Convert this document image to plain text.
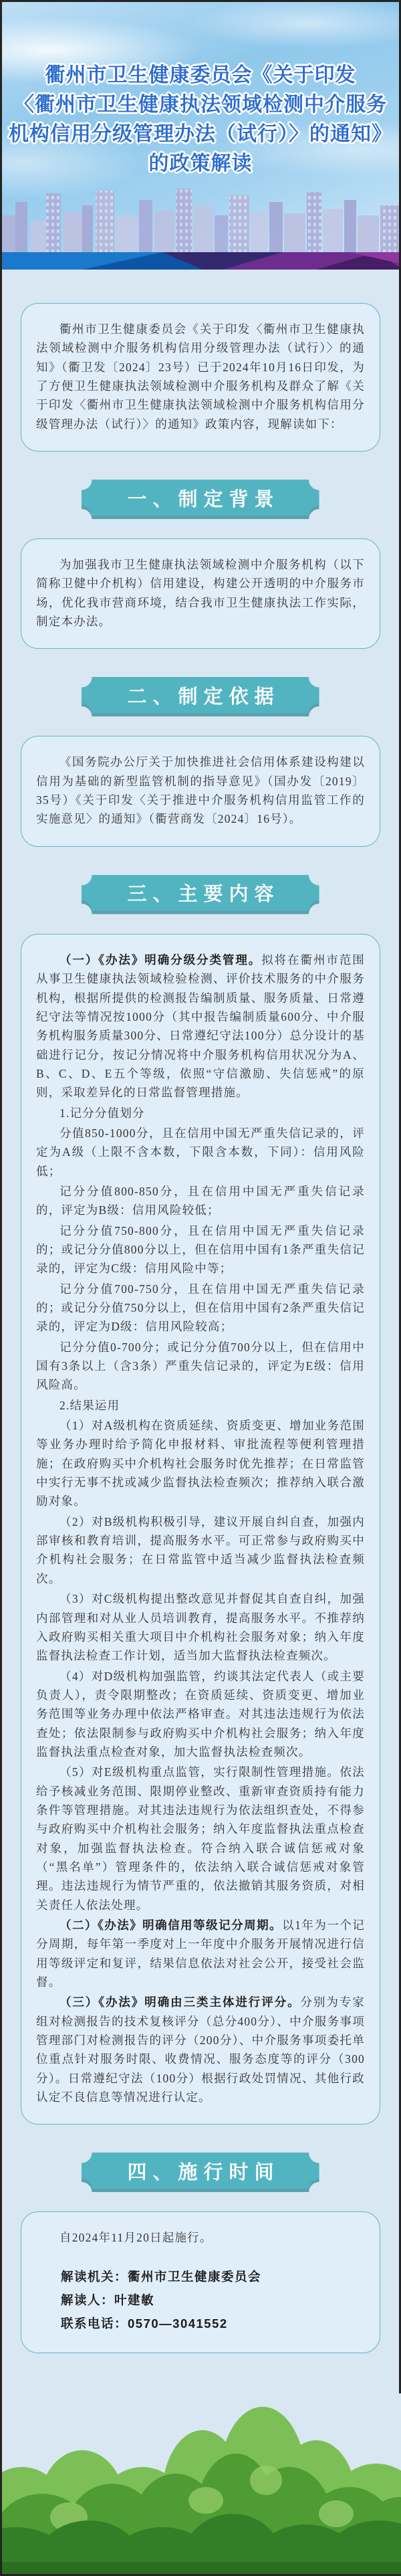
衢州市卫生健康委员会《关于印发
〈衢州市卫生健康执法领域检测中介服务
机构信用分级管理办法（试行）〉的通知》
的政策解读

衢州市卫生健康委员会《关于印发〈衢州市卫生健康执法领域检测中介服务机构信用分级管理办法（试行）〉的通知》（衢卫发〔2024〕23号）已于2024年10月16日印发，为了方便卫生健康执法领域检测中介服务机构及群众了解《关于印发〈衢州市卫生健康执法领域检测中介服务机构信用分级管理办法（试行）〉的通知》政策内容，现解读如下：

一、制定背景

为加强我市卫生健康执法领域检测中介服务机构（以下简称卫健中介机构）信用建设，构建公开透明的中介服务市场，优化我市营商环境，结合我市卫生健康执法工作实际，制定本办法。

二、制定依据

《国务院办公厅关于加快推进社会信用体系建设构建以信用为基础的新型监管机制的指导意见》（国办发〔2019〕35号）《关于印发〈关于推进中介服务机构信用监管工作的实施意见〉的通知》（衢营商发〔2024〕16号）。

三、主要内容

（一）《办法》明确分级分类管理。拟将在衢州市范围从事卫生健康执法领域检验检测、评价技术服务的中介服务机构，根据所提供的检测报告编制质量、服务质量、日常遵纪守法等情况按1000分（其中报告编制质量600分、中介服务机构服务质量300分、日常遵纪守法100分）总分设计的基础进行记分，按记分情况将中介服务机构信用状况分为A、B、C、D、E五个等级，依照“守信激励、失信惩戒”的原则，采取差异化的日常监督管理措施。

1.记分分值划分

分值850-1000分，且在信用中国无严重失信记录的，评定为A级（上限不含本数，下限含本数，下同）：信用风险低；

记分分值800-850分，且在信用中国无严重失信记录的，评定为B级：信用风险较低；

记分分值750-800分，且在信用中国无严重失信记录的；或记分分值800分以上，但在信用中国有1条严重失信记录的，评定为C级：信用风险中等；

记分分值700-750分，且在信用中国无严重失信记录的；或记分分值750分以上，但在信用中国有2条严重失信记录的，评定为D级：信用风险较高；

记分分值0-700分；或记分分值700分以上，但在信用中国有3条以上（含3条）严重失信记录的，评定为E级：信用风险高。

2.结果运用

（1）对A级机构在资质延续、资质变更、增加业务范围等业务办理时给予简化申报材料、审批流程等便利管理措施；在政府购买中介机构社会服务时优先推荐；在日常监管中实行无事不扰或减少监督执法检查频次；推荐纳入联合激励对象。

（2）对B级机构积极引导，建议开展自纠自查，加强内部审核和教育培训，提高服务水平。可正常参与政府购买中介机构社会服务；在日常监管中适当减少监督执法检查频次。

（3）对C级机构提出整改意见并督促其自查自纠，加强内部管理和对从业人员培训教育，提高服务水平。不推荐纳入政府购买相关重大项目中介机构社会服务对象；纳入年度监督执法检查工作计划，适当加大监督执法检查频次。

（4）对D级机构加强监管，约谈其法定代表人（或主要负责人），责令限期整改；在资质延续、资质变更、增加业务范围等业务办理中依法严格审查。对其违法违规行为依法查处；依法限制参与政府购买中介机构社会服务；纳入年度监督执法重点检查对象，加大监督执法检查频次。

（5）对E级机构重点监管，实行限制性管理措施。依法给予核减业务范围、限期停业整改、重新审查资质持有能力条件等管理措施。对其违法违规行为依法组织查处，不得参与政府购买中介机构社会服务；纳入年度监督执法重点检查对象，加强监督执法检查。符合纳入联合诚信惩戒对象（“黑名单”）管理条件的，依法纳入联合诚信惩戒对象管理。违法违规行为情节严重的，依法撤销其服务资质，对相关责任人依法处理。

（二）《办法》明确信用等级记分周期。以1年为一个记分周期，每年第一季度对上一年度中介服务开展情况进行信用等级评定和复评，结果信息依法对社会公开，接受社会监督。

（三）《办法》明确由三类主体进行评分。分别为专家组对检测报告的技术复核评分（总分400分）、中介服务事项管理部门对检测报告的评分（200分）、中介服务事项委托单位重点针对服务时限、收费情况、服务态度等的评分（300分）。日常遵纪守法（100分）根据行政处罚情况、其他行政认定不良信息等情况进行认定。

四、施行时间

自2024年11月20日起施行。

解读机关：衢州市卫生健康委员会

解读人：叶建敏

联系电话：0570—3041552
